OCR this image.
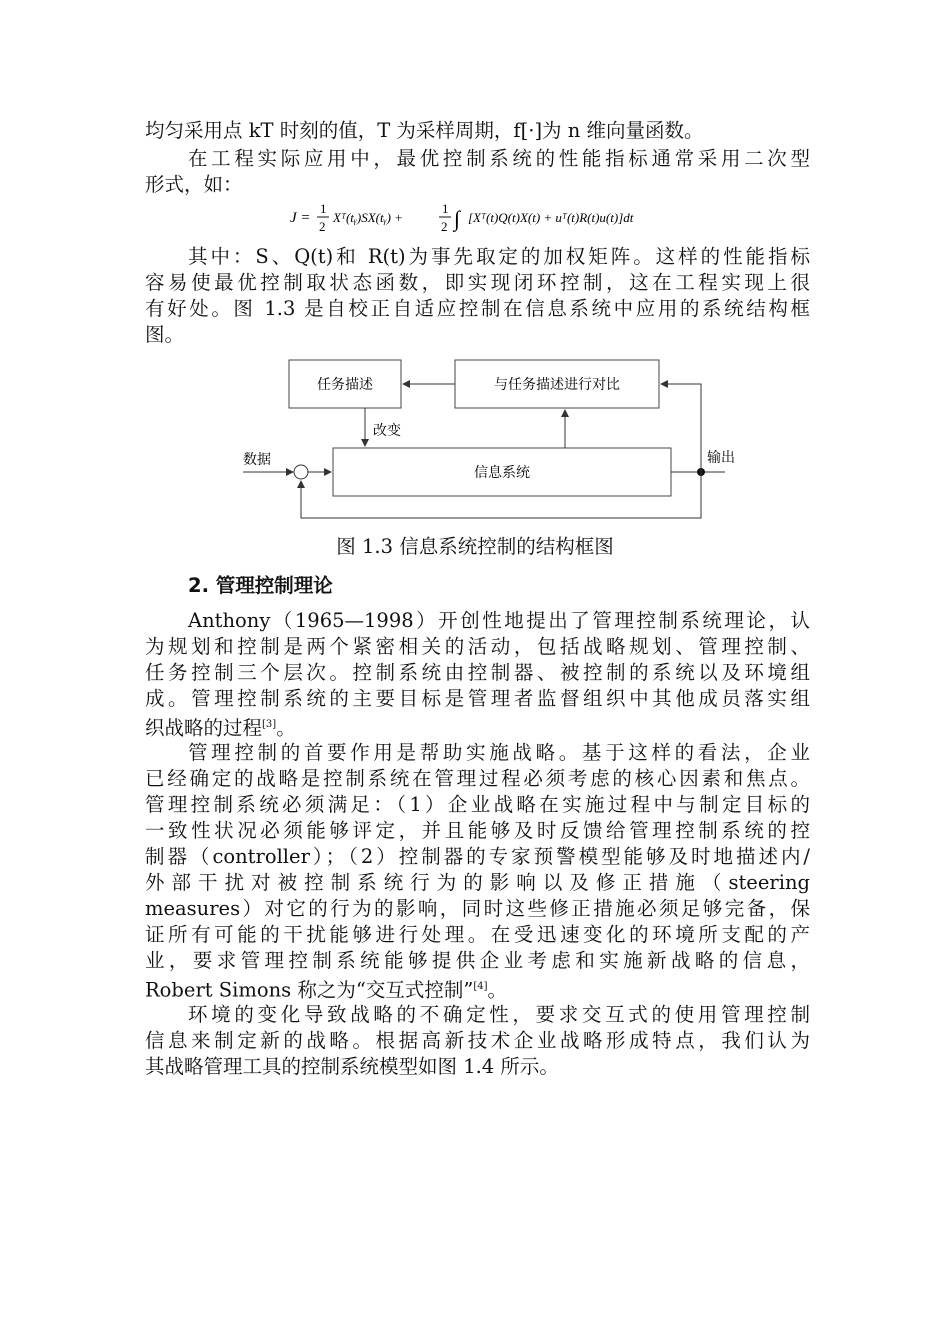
均匀采用点 kT 时刻的值，T 为采样周期，f[·]为 n 维向量函数。

在工程实际应用中，最优控制系统的性能指标通常采用二次型

形式，如：

J =
1
2
Xᵀ(tᵧ)SX(tᵧ) +
1
2 ∫ [Xᵀ(t)Q(t)X(t) + uᵀ(t)R(t)u(t)]dt

其中：S、Q(t)和 R(t)为事先取定的加权矩阵。这样的性能指标

容易使最优控制取状态函数，即实现闭环控制，这在工程实现上很

有好处。图 1.3 是自校正自适应控制在信息系统中应用的系统结构框

图。

任务描述	与任务描述进行对比
信息系统
改变
数据	输出
图 1.3 信息系统控制的结构框图
2. 管理控制理论

Anthony（1965—1998）开创性地提出了管理控制系统理论，认

为规划和控制是两个紧密相关的活动，包括战略规划、管理控制、

任务控制三个层次。控制系统由控制器、被控制的系统以及环境组

成。管理控制系统的主要目标是管理者监督组织中其他成员落实组

织战略的过程[3]。

管理控制的首要作用是帮助实施战略。基于这样的看法，企业

已经确定的战略是控制系统在管理过程必须考虑的核心因素和焦点。

管理控制系统必须满足：（1）企业战略在实施过程中与制定目标的

一致性状况必须能够评定，并且能够及时反馈给管理控制系统的控

制器（controller）；（2）控制器的专家预警模型能够及时地描述内/

外部干扰对被控制系统行为的影响以及修正措施（steering

measures）对它的行为的影响，同时这些修正措施必须足够完备，保

证所有可能的干扰能够进行处理。在受迅速变化的环境所支配的产

业，要求管理控制系统能够提供企业考虑和实施新战略的信息，

Robert Simons 称之为“交互式控制”[4]。

环境的变化导致战略的不确定性，要求交互式的使用管理控制

信息来制定新的战略。根据高新技术企业战略形成特点，我们认为

其战略管理工具的控制系统模型如图 1.4 所示。
